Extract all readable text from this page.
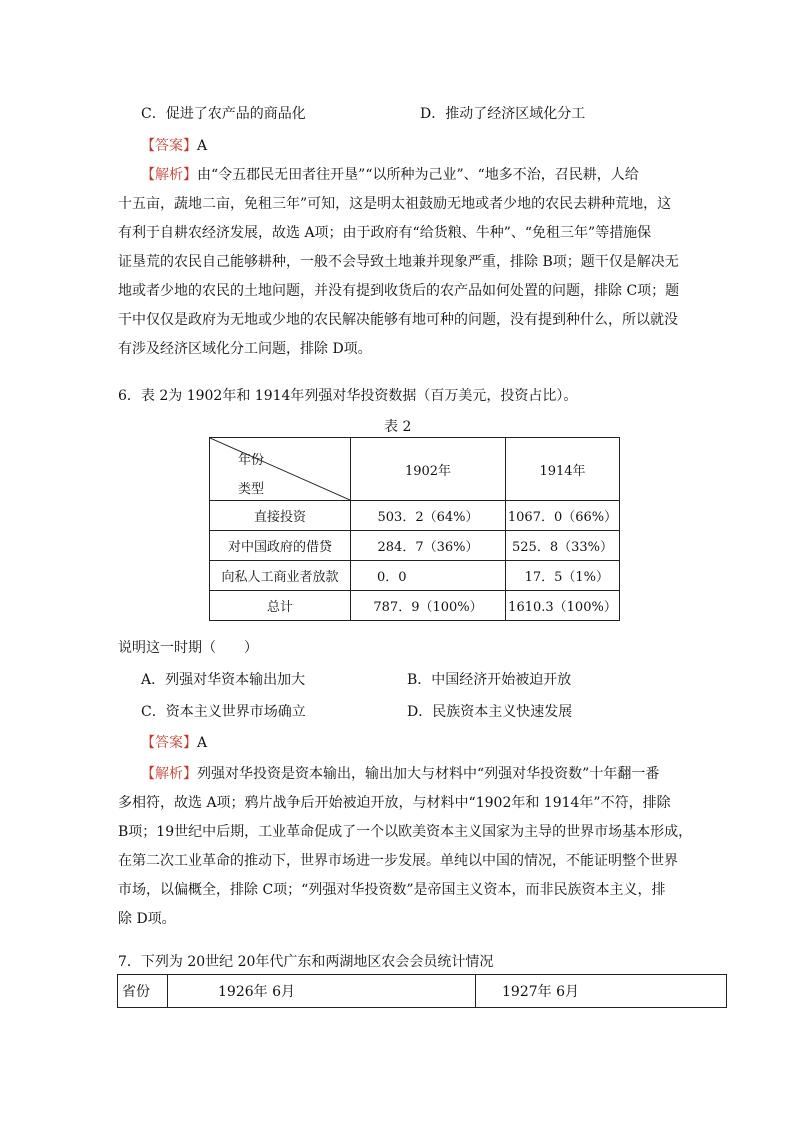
C．促进了农产品的商品化	D．推动了经济区域化分工
【答案】A
【解析】由“令五郡民无田者往开垦”“以所种为己业”、“地多不治，召民耕，人给
十五亩，蔬地二亩，免租三年”可知，这是明太祖鼓励无地或者少地的农民去耕种荒地，这
有利于自耕农经济发展，故选 A项；由于政府有“给货粮、牛种”、“免租三年”等措施保
证垦荒的农民自己能够耕种，一般不会导致土地兼并现象严重，排除 B项；题干仅是解决无
地或者少地的农民的土地问题，并没有提到收货后的农产品如何处置的问题，排除 C项；题
干中仅仅是政府为无地或少地的农民解决能够有地可种的问题，没有提到种什么，所以就没
有涉及经济区域化分工问题，排除 D项。
6．表 2为 1902年和 1914年列强对华投资数据（百万美元，投资占比）。
表 2
年份
类型	1902年	1914年
直接投资	503．2（64%）	1067．0（66%）
对中国政府的借贷	284．7（36%）	525．8（33%）
向私人工商业者放款	0．0	17．5（1%）
总计	787．9（100%）	1610.3（100%）
说明这一时期（　　）
A．列强对华资本输出加大	B．中国经济开始被迫开放
C．资本主义世界市场确立	D．民族资本主义快速发展
【答案】A
【解析】列强对华投资是资本输出，输出加大与材料中“列强对华投资数”十年翻一番
多相符，故选 A项；鸦片战争后开始被迫开放，与材料中“1902年和 1914年”不符，排除
B项；19世纪中后期，工业革命促成了一个以欧美资本主义国家为主导的世界市场基本形成，
在第二次工业革命的推动下，世界市场进一步发展。单纯以中国的情况，不能证明整个世界
市场，以偏概全，排除 C项；“列强对华投资数”是帝国主义资本，而非民族资本主义，排
除 D项。
7．下列为 20世纪 20年代广东和两湖地区农会会员统计情况
省份	1926年 6月	1927年 6月
